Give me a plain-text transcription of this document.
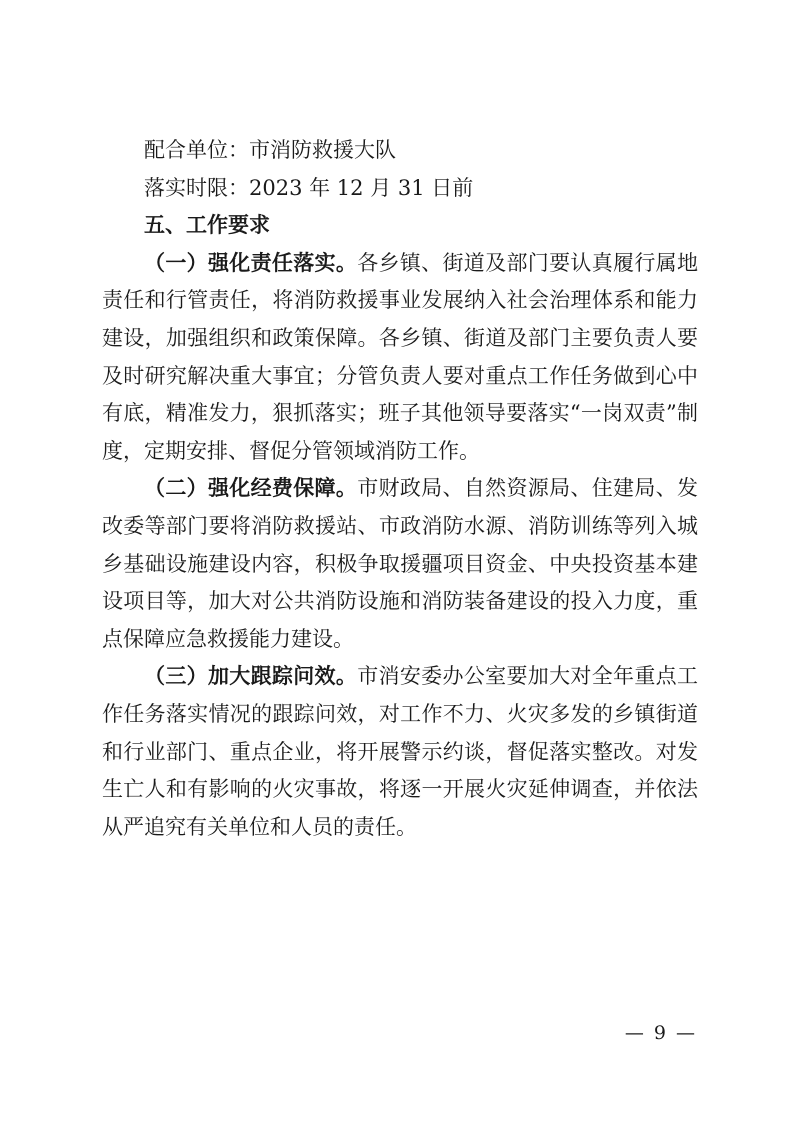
配合单位：市消防救援大队

落实时限：2023 年 12 月 31 日前

五、工作要求

（一）强化责任落实。各乡镇、街道及部门要认真履行属地责任和行管责任，将消防救援事业发展纳入社会治理体系和能力建设，加强组织和政策保障。各乡镇、街道及部门主要负责人要及时研究解决重大事宜；分管负责人要对重点工作任务做到心中有底，精准发力，狠抓落实；班子其他领导要落实“一岗双责”制度，定期安排、督促分管领域消防工作。

（二）强化经费保障。市财政局、自然资源局、住建局、发改委等部门要将消防救援站、市政消防水源、消防训练等列入城乡基础设施建设内容，积极争取援疆项目资金、中央投资基本建设项目等，加大对公共消防设施和消防装备建设的投入力度，重点保障应急救援能力建设。

（三）加大跟踪问效。市消安委办公室要加大对全年重点工作任务落实情况的跟踪问效，对工作不力、火灾多发的乡镇街道和行业部门、重点企业，将开展警示约谈，督促落实整改。对发生亡人和有影响的火灾事故，将逐一开展火灾延伸调查，并依法从严追究有关单位和人员的责任。

— 9 —
